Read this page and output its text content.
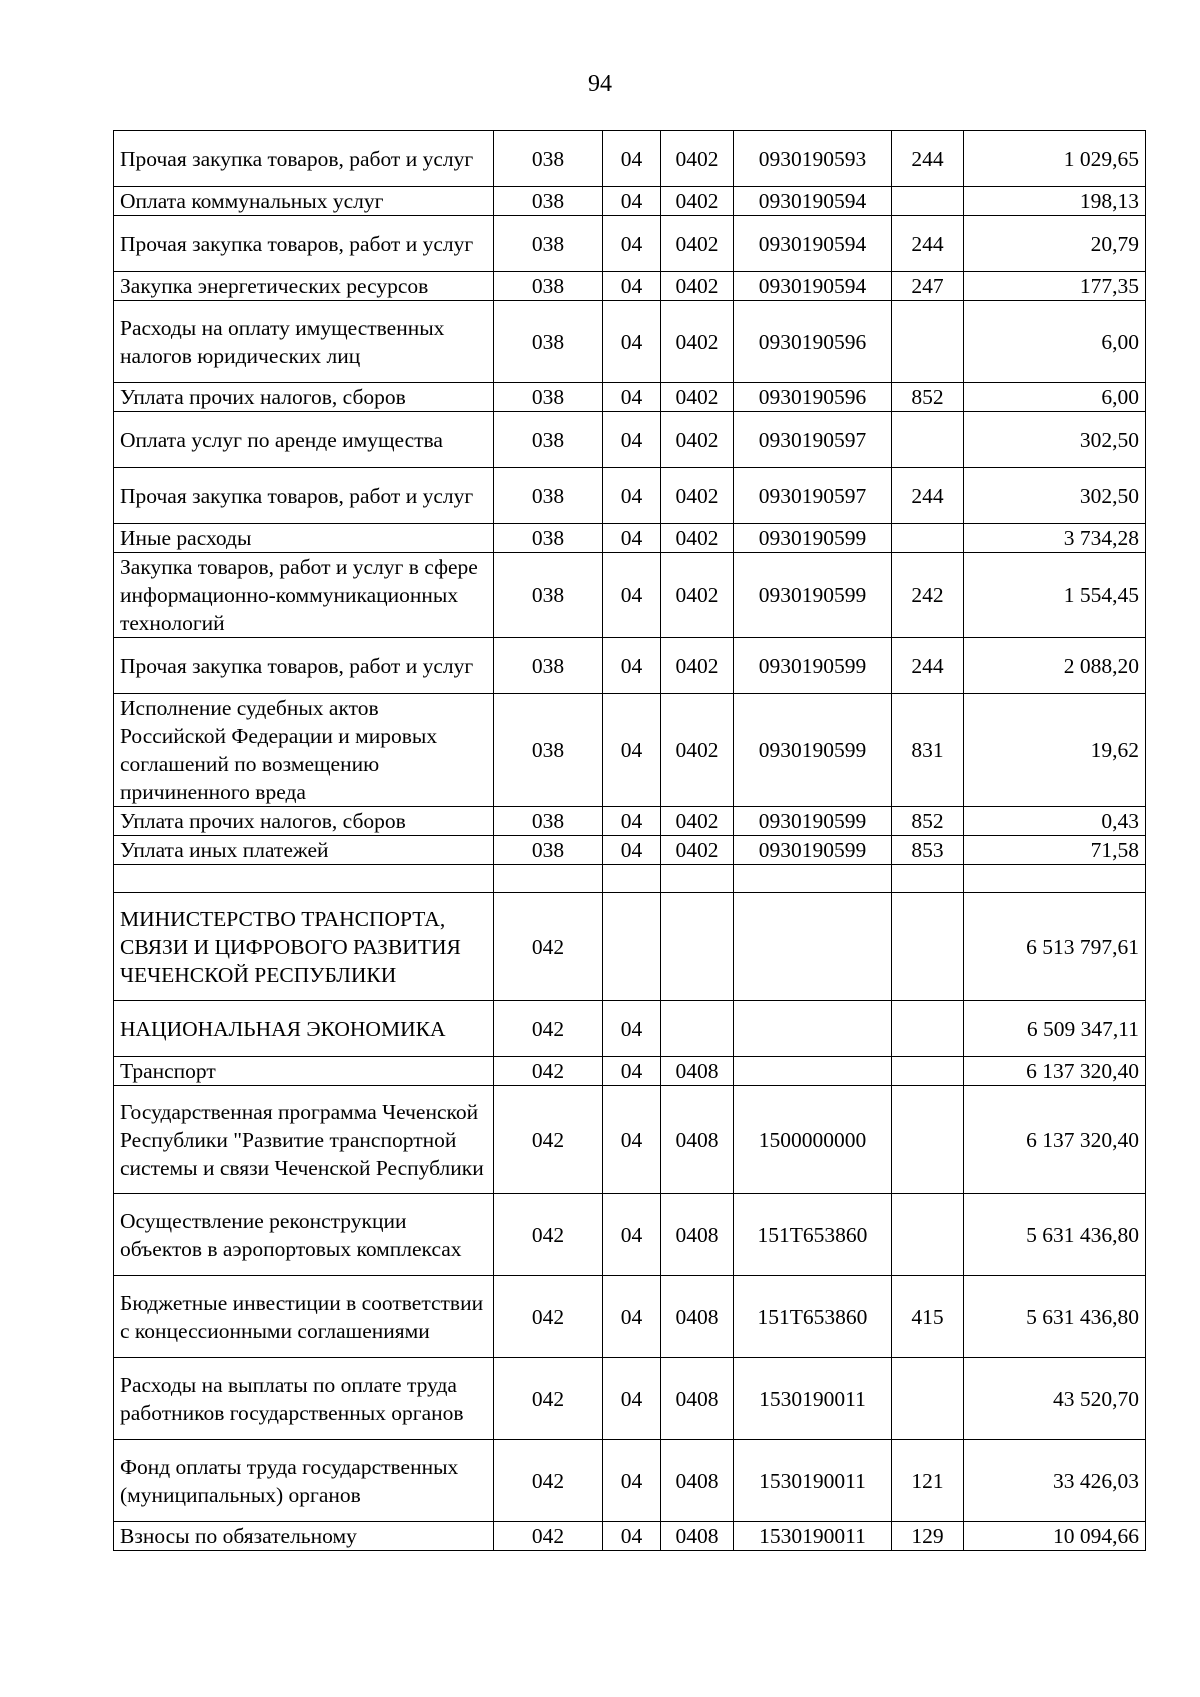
94
Прочая закупка товаров, работ и услуг	038	04	0402	0930190593	244	1 029,65
Оплата коммунальных услуг	038	04	0402	0930190594		198,13
Прочая закупка товаров, работ и услуг	038	04	0402	0930190594	244	20,79
Закупка энергетических ресурсов	038	04	0402	0930190594	247	177,35
Расходы на оплату имущественных налогов юридических лиц	038	04	0402	0930190596		6,00
Уплата прочих налогов, сборов	038	04	0402	0930190596	852	6,00
Оплата услуг по аренде имущества	038	04	0402	0930190597		302,50
Прочая закупка товаров, работ и услуг	038	04	0402	0930190597	244	302,50
Иные расходы	038	04	0402	0930190599		3 734,28
Закупка товаров, работ и услуг в сфере информационно-коммуникационных технологий	038	04	0402	0930190599	242	1 554,45
Прочая закупка товаров, работ и услуг	038	04	0402	0930190599	244	2 088,20
Исполнение судебных актов Российской Федерации и мировых соглашений по возмещению причиненного вреда	038	04	0402	0930190599	831	19,62
Уплата прочих налогов, сборов	038	04	0402	0930190599	852	0,43
Уплата иных платежей	038	04	0402	0930190599	853	71,58

МИНИСТЕРСТВО ТРАНСПОРТА, СВЯЗИ И ЦИФРОВОГО РАЗВИТИЯ ЧЕЧЕНСКОЙ РЕСПУБЛИКИ	042					6 513 797,61
НАЦИОНАЛЬНАЯ ЭКОНОМИКА	042	04				6 509 347,11
Транспорт	042	04	0408			6 137 320,40
Государственная программа Чеченской Республики "Развитие транспортной системы и связи Чеченской Республики	042	04	0408	1500000000		6 137 320,40
Осуществление реконструкции объектов в аэропортовых комплексах	042	04	0408	151T653860		5 631 436,80
Бюджетные инвестиции в соответствии с концессионными соглашениями	042	04	0408	151T653860	415	5 631 436,80
Расходы на выплаты по оплате труда работников государственных органов	042	04	0408	1530190011		43 520,70
Фонд оплаты труда государственных (муниципальных) органов	042	04	0408	1530190011	121	33 426,03
Взносы по обязательному	042	04	0408	1530190011	129	10 094,66
